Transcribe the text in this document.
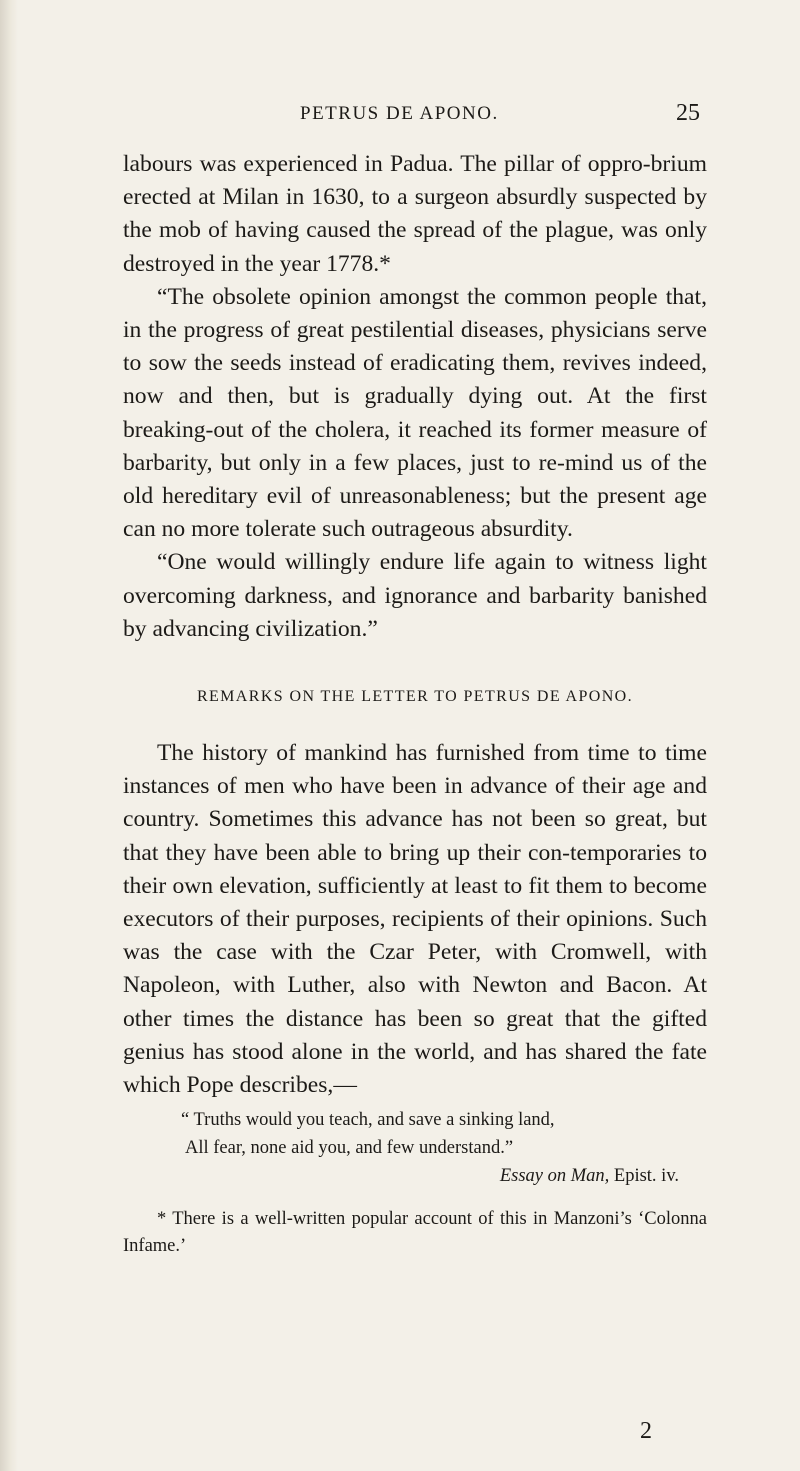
PETRUS DE APONO.	25

labours was experienced in Padua. The pillar of oppro-brium erected at Milan in 1630, to a surgeon absurdly suspected by the mob of having caused the spread of the plague, was only destroyed in the year 1778.*

“The obsolete opinion amongst the common people that, in the progress of great pestilential diseases, physicians serve to sow the seeds instead of eradicating them, revives indeed, now and then, but is gradually dying out. At the first breaking-out of the cholera, it reached its former measure of barbarity, but only in a few places, just to re-mind us of the old hereditary evil of unreasonableness; but the present age can no more tolerate such outrageous absurdity.

“One would willingly endure life again to witness light overcoming darkness, and ignorance and barbarity banished by advancing civilization.”

REMARKS ON THE LETTER TO PETRUS DE APONO.

The history of mankind has furnished from time to time instances of men who have been in advance of their age and country. Sometimes this advance has not been so great, but that they have been able to bring up their con-temporaries to their own elevation, sufficiently at least to fit them to become executors of their purposes, recipients of their opinions. Such was the case with the Czar Peter, with Cromwell, with Napoleon, with Luther, also with Newton and Bacon. At other times the distance has been so great that the gifted genius has stood alone in the world, and has shared the fate which Pope describes,—

“ Truths would you teach, and save a sinking land,
All fear, none aid you, and few understand.”
Essay on Man, Epist. iv.

* There is a well-written popular account of this in Manzoni’s ‘Colonna Infame.’

2
